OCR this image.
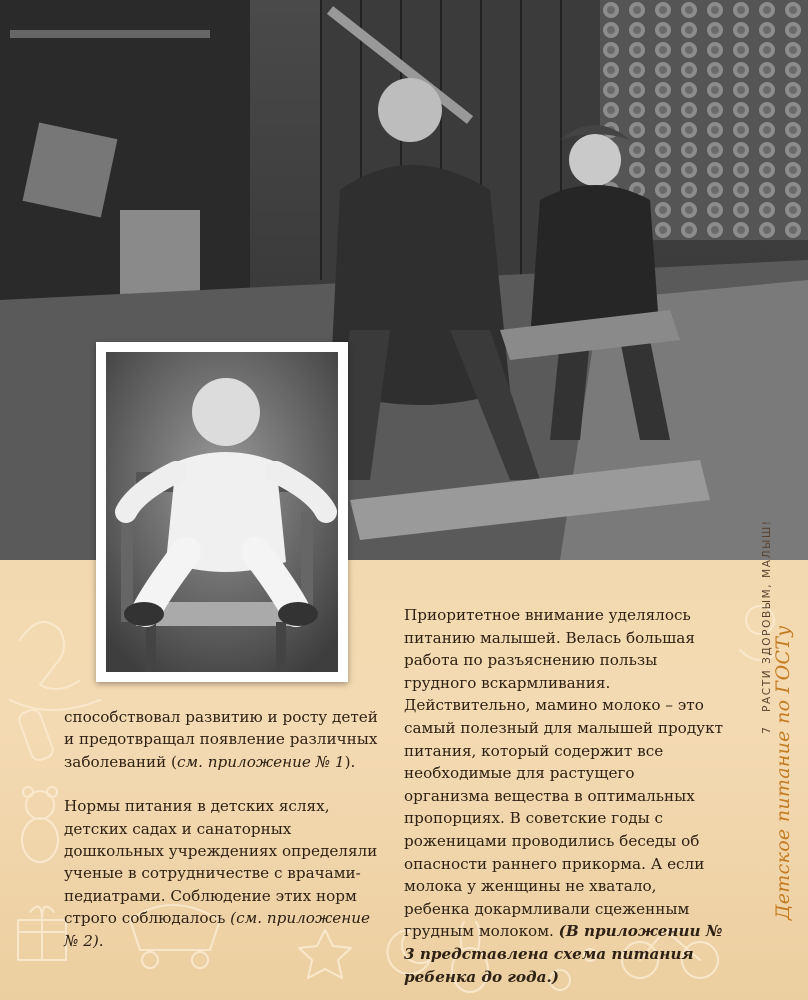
способствовал развитию и росту детей и предотвращал появление различных заболеваний (см. приложение № 1).

Нормы питания в детских яслях, детских садах и санаторных дошкольных учреждениях определяли ученые в сотрудничестве с врачами-педиатрами. Соблюдение этих норм строго соблюдалось (см. приложение № 2).

Приоритетное внимание уделялось питанию малышей. Велась большая работа по разъяснению пользы грудного вскармливания. Действительно, мамино молоко – это самый полезный для малышей продукт питания, который содержит все необходимые для растущего организма вещества в оптимальных пропорциях. В советские годы с роженицами проводились беседы об опасности раннего прикорма. А если молока у женщины не хватало, ребенка докармливали сцеженным грудным молоком. (В приложении № 3 представлена схема питания ребенка до года.)

7 РАСТИ ЗДОРОВЫМ, МАЛЫШ!
Детское питание по ГОСТу
